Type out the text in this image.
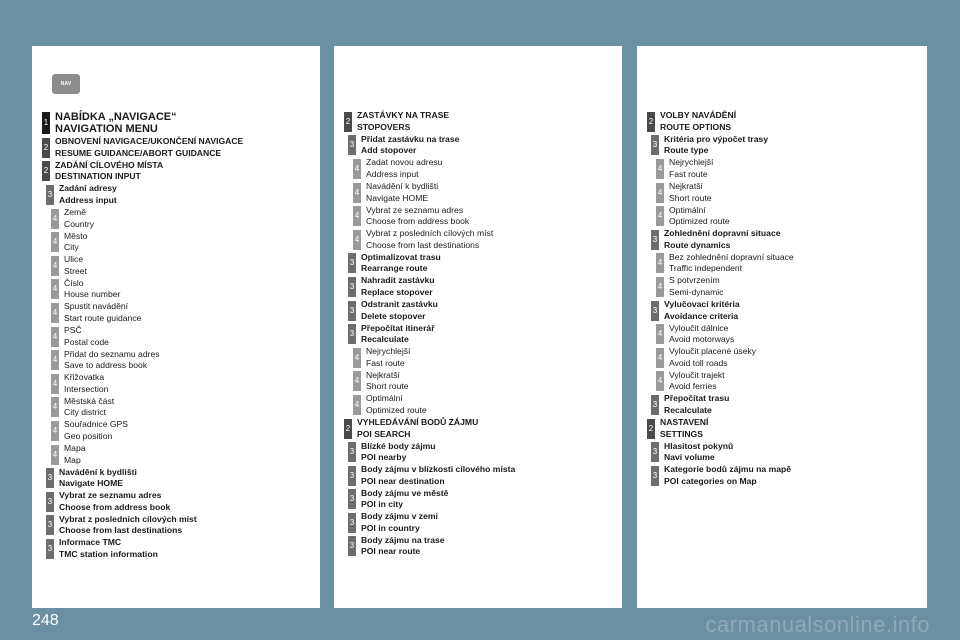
NAV
1 NABÍDKA „NAVIGACE“
NAVIGATION MENU
2
OBNOVENÍ NAVIGACE/UKONČENÍ NAVIGACE
RESUME GUIDANCE/ABORT GUIDANCE
2
ZADÁNÍ CÍLOVÉHO MÍSTA
DESTINATION INPUT
3
Zadání adresy
Address input
4
Země
Country
4
Město
City
4
Ulice
Street
4
Číslo
House number
4
Spustit navádění
Start route guidance
4
PSČ
Postal code
4
Přidat do seznamu adres
Save to address book
4
Křižovatka
Intersection
4
Městská část
City district
4
Souřadnice GPS
Geo position
4
Mapa
Map
3
Navádění k bydlišti
Navigate HOME
3
Vybrat ze seznamu adres
Choose from address book
3
Vybrat z posledních cílových míst
Choose from last destinations
3
Informace TMC
TMC station information
2
ZASTÁVKY NA TRASE
STOPOVERS
3
Přidat zastávku na trase
Add stopover
4
Zadat novou adresu
Address input
4
Navádění k bydlišti
Navigate HOME
4
Vybrat ze seznamu adres
Choose from address book
4
Vybrat z posledních cílových míst
Choose from last destinations
3
Optimalizovat trasu
Rearrange route
3
Nahradit zastávku
Replace stopover
3
Odstranit zastávku
Delete stopover
3
Přepočítat itinerář
Recalculate
4
Nejrychlejší
Fast route
4
Nejkratší
Short route
4
Optimální
Optimized route
2
VYHLEDÁVÁNÍ BODŮ ZÁJMU
POI SEARCH
3
Blízké body zájmu
POI nearby
3
Body zájmu v blízkosti cílového místa
POI near destination
3
Body zájmu ve městě
POI in city
3
Body zájmu v zemi
POI in country
3
Body zájmu na trase
POI near route
2
VOLBY NAVÁDĚNÍ
ROUTE OPTIONS
3
Kritéria pro výpočet trasy
Route type
4
Nejrychlejší
Fast route
4
Nejkratší
Short route
4
Optimální
Optimized route
3
Zohlednění dopravní situace
Route dynamics
4
Bez zohlednění dopravní situace
Traffic independent
4
S potvrzením
Semi-dynamic
3
Vylučovací kritéria
Avoidance criteria
4
Vyloučit dálnice
Avoid motorways
4
Vyloučit placené úseky
Avoid toll roads
4
Vyloučit trajekt
Avoid ferries
3
Přepočítat trasu
Recalculate
2
NASTAVENÍ
SETTINGS
3
Hlasitost pokynů
Navi volume
3
Kategorie bodů zájmu na mapě
POI categories on Map
248	carmanualsonline.info
